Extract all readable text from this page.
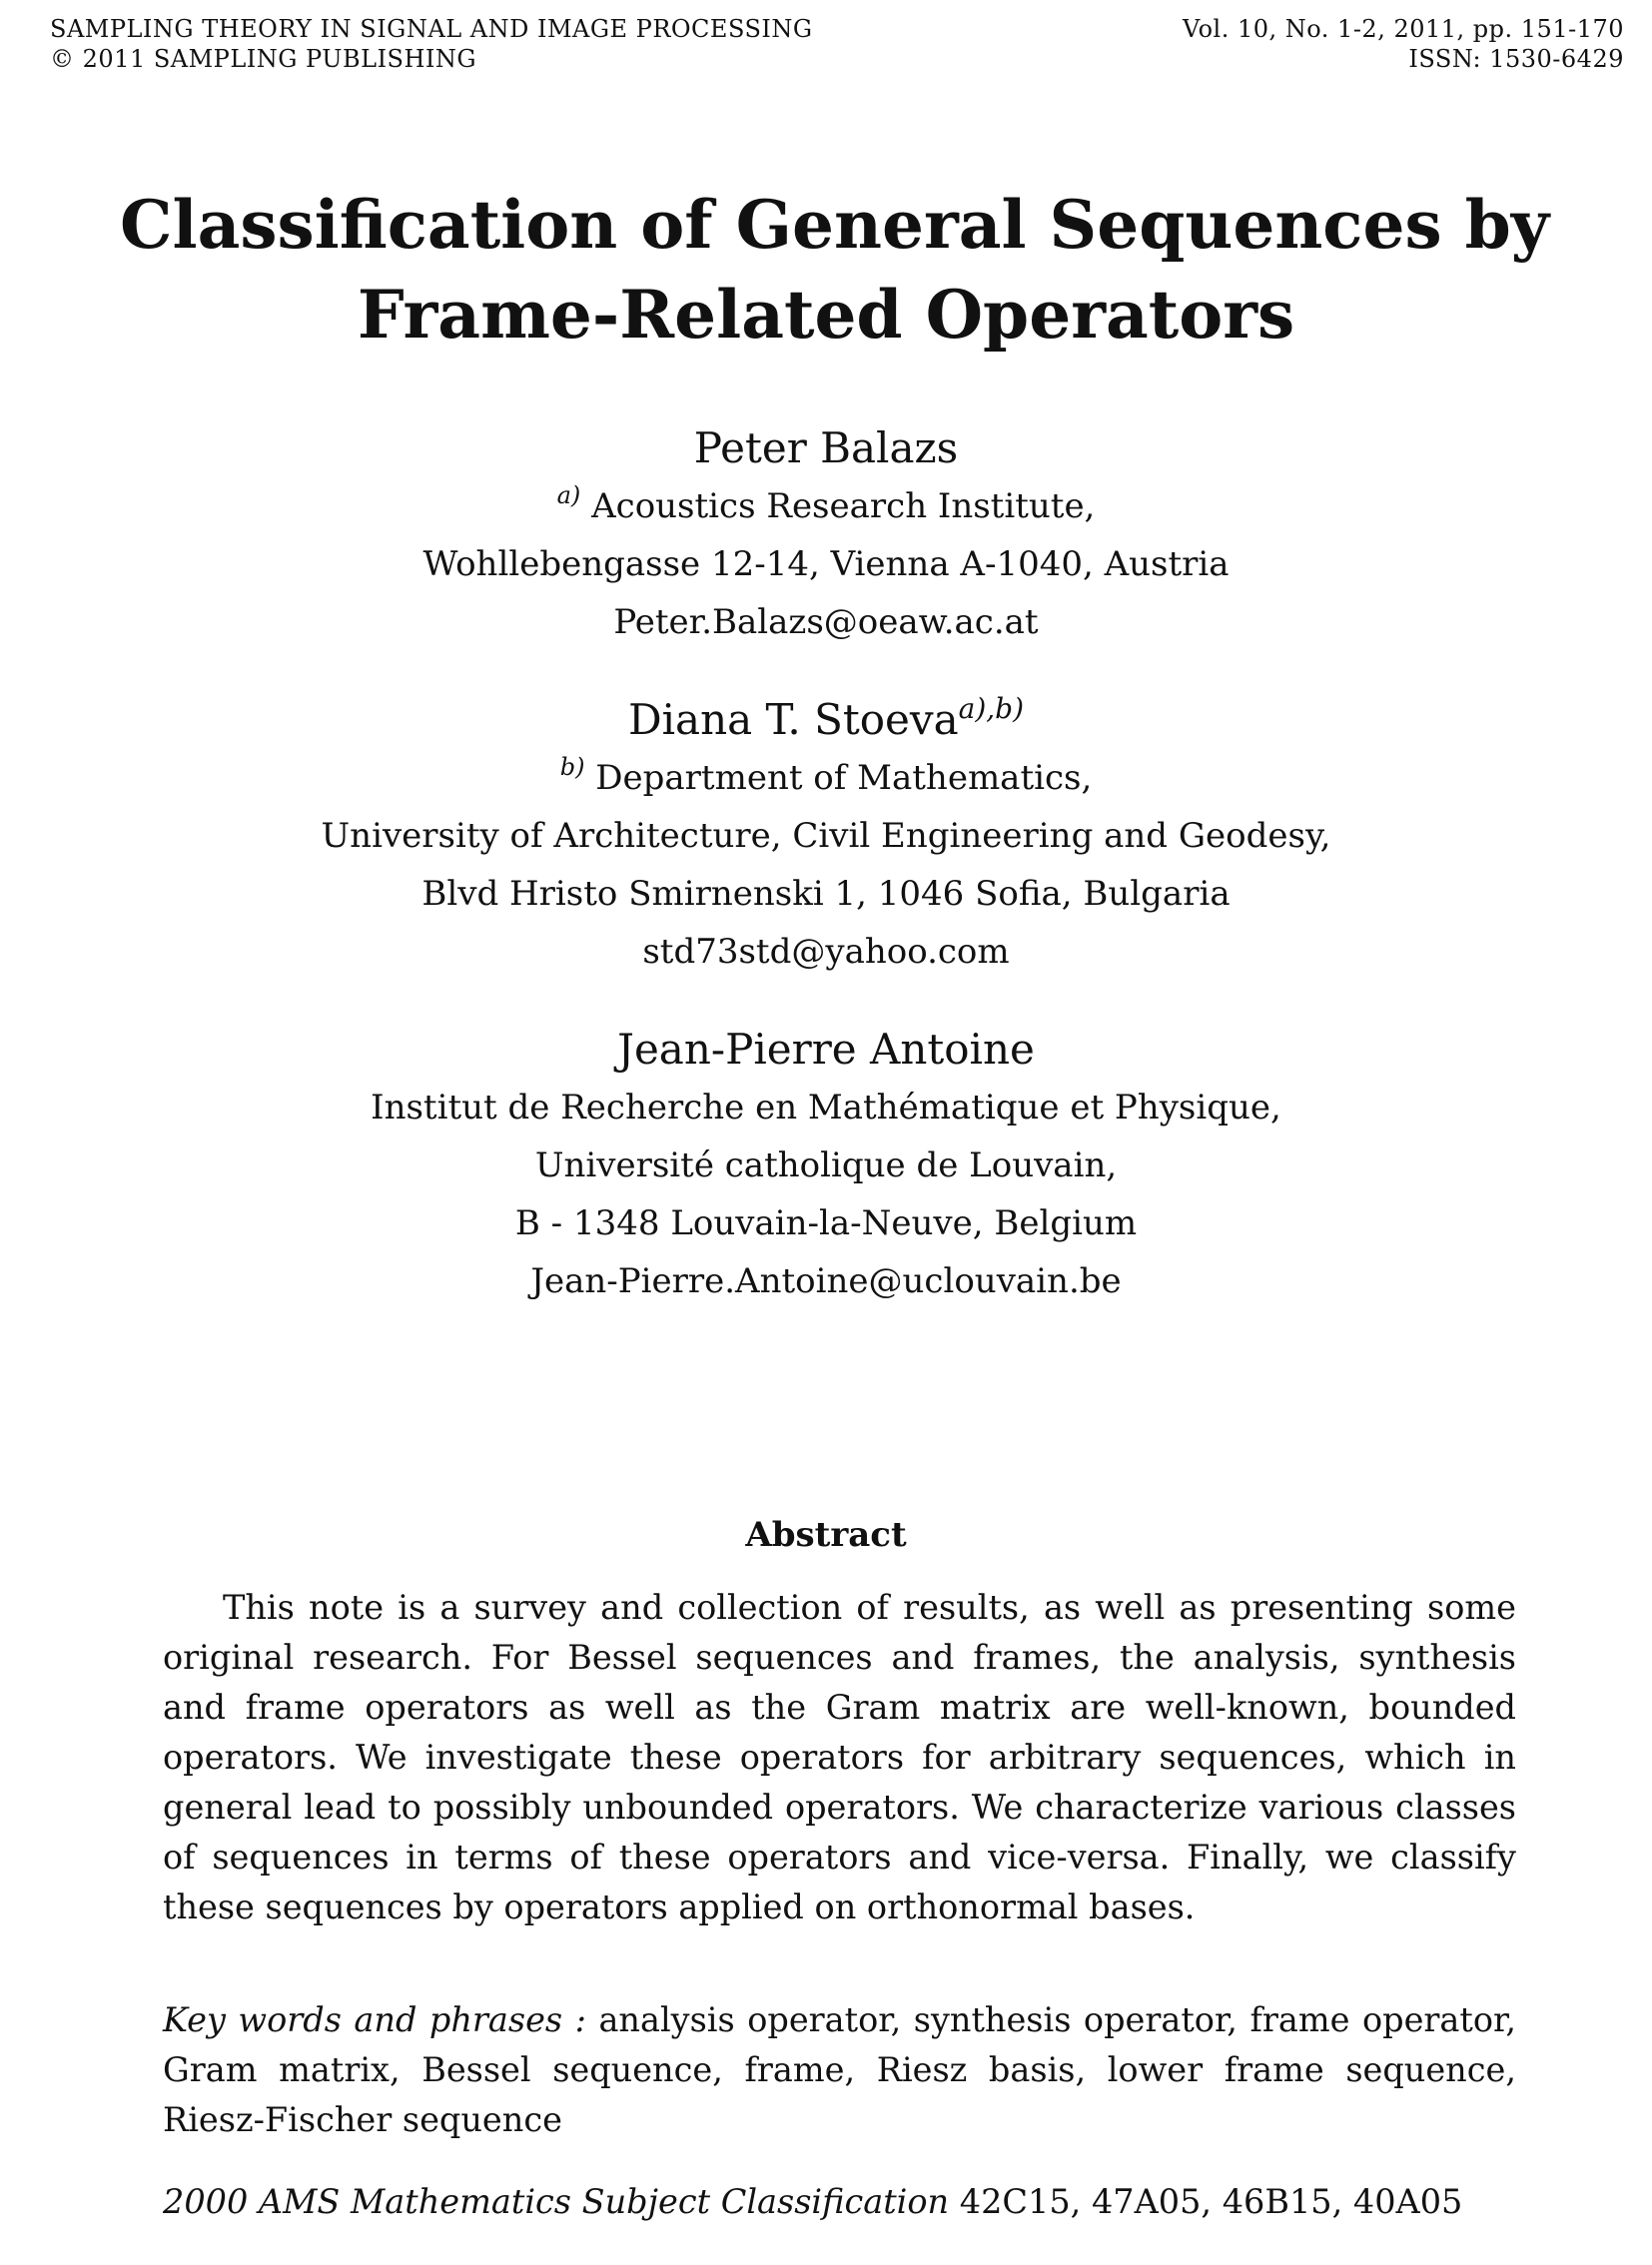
SAMPLING THEORY IN SIGNAL AND IMAGE PROCESSING
© 2011 SAMPLING PUBLISHING
Vol. 10, No. 1-2, 2011, pp. 151-170
ISSN: 1530-6429
Classification of General Sequences by
Frame-Related Operators
Peter Balazs
$^{a)}$ Acoustics Research Institute,
Wohllebengasse 12-14, Vienna A-1040, Austria
Peter.Balazs@oeaw.ac.at
Diana T. Stoeva$^{a),b)}$
$^{b)}$ Department of Mathematics,
University of Architecture, Civil Engineering and Geodesy,
Blvd Hristo Smirnenski 1, 1046 Sofia, Bulgaria
std73std@yahoo.com
Jean-Pierre Antoine
Institut de Recherche en Mathématique et Physique,
Université catholique de Louvain,
B - 1348 Louvain-la-Neuve, Belgium
Jean-Pierre.Antoine@uclouvain.be
Abstract
This note is a survey and collection of results, as well as presenting some original research. For Bessel sequences and frames, the analysis, synthesis and frame operators as well as the Gram matrix are well-known, bounded operators. We investigate these operators for arbitrary sequences, which in general lead to possibly unbounded operators. We characterize various classes of sequences in terms of these operators and vice-versa. Finally, we classify these sequences by operators applied on orthonormal bases.
Key words and phrases : analysis operator, synthesis operator, frame operator, Gram matrix, Bessel sequence, frame, Riesz basis, lower frame sequence, Riesz-Fischer sequence
2000 AMS Mathematics Subject Classification 42C15, 47A05, 46B15, 40A05
